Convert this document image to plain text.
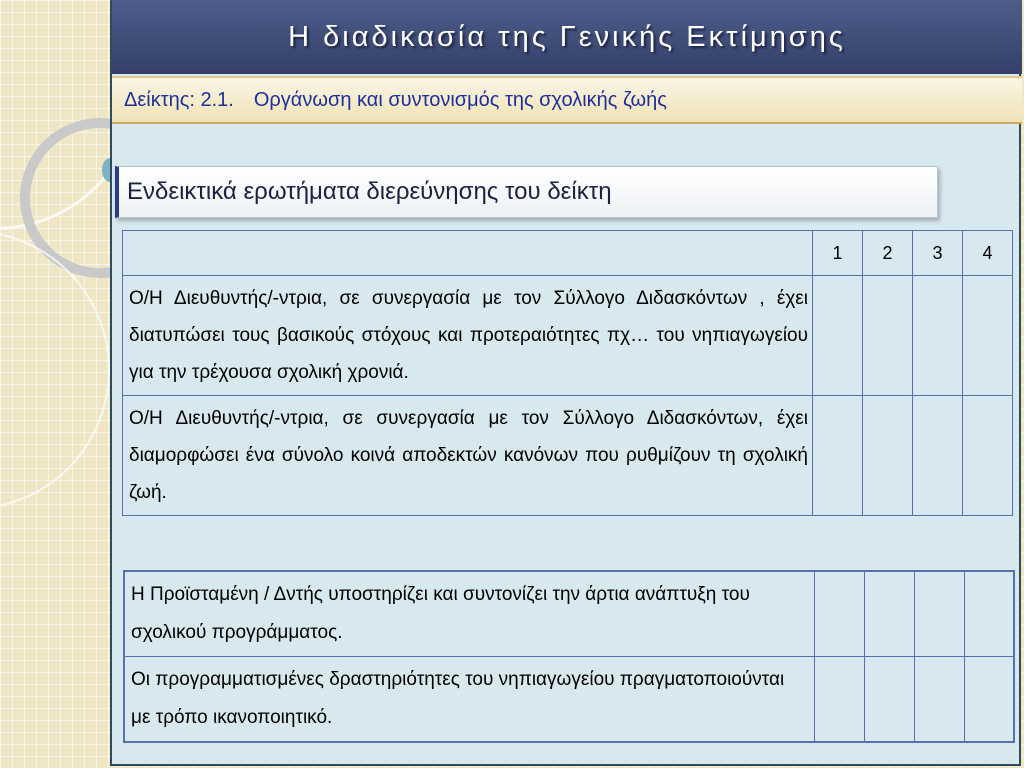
Η διαδικασία της Γενικής Εκτίμησης
Δείκτης: 2.1. Οργάνωση και συντονισμός της σχολικής ζωής
Ενδεικτικά ερωτήματα διερεύνησης του δείκτη
	1	2	3	4
Ο/Η Διευθυντής/-ντρια, σε συνεργασία με τον Σύλλογο Διδασκόντων , έχει διατυπώσει τους βασικούς στόχους και προτεραιότητες πχ… του νηπιαγωγείου για την τρέχουσα σχολική χρονιά.				
Ο/Η Διευθυντής/-ντρια, σε συνεργασία με τον Σύλλογο Διδασκόντων, έχει διαμορφώσει ένα σύνολο κοινά αποδεκτών κανόνων που ρυθμίζουν τη σχολική ζωή.				
Η Προϊσταμένη / Δντής υποστηρίζει και συντονίζει την άρτια ανάπτυξη του σχολικού προγράμματος.				
Οι προγραμματισμένες δραστηριότητες του νηπιαγωγείου πραγματοποιούνται με τρόπο ικανοποιητικό.				
